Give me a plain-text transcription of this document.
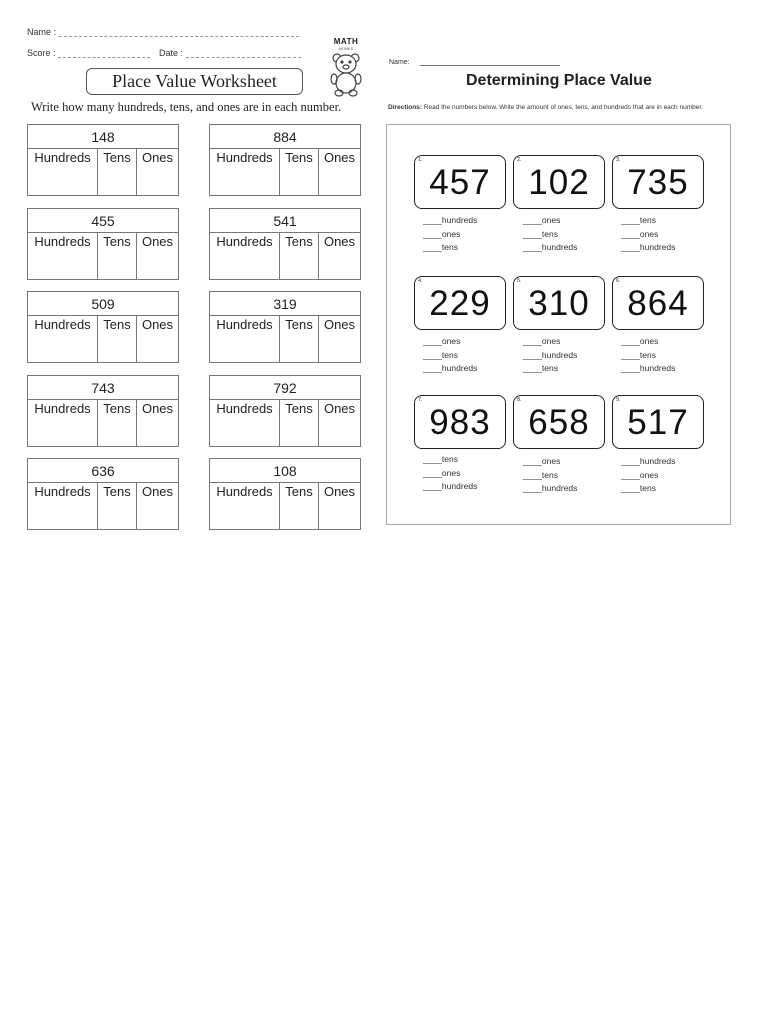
Name :
Score :	Date :
MATH
MONKS
Place Value Worksheet
Write how many hundreds, tens, and ones are in each number.
148
Hundreds Tens Ones
884
Hundreds Tens Ones
455
Hundreds Tens Ones
541
Hundreds Tens Ones
509
Hundreds Tens Ones
319
Hundreds Tens Ones
743
Hundreds Tens Ones
792
Hundreds Tens Ones
636
Hundreds Tens Ones
108
Hundreds Tens Ones
Name:
Determining Place Value
Directions: Read the numbers below. Write the amount of ones, tens, and hundreds that are in each number.
1.
457
____ hundreds
____ ones
____ tens
2.
102
____ ones
____ tens
____ hundreds
3.
735
____ tens
____ ones
____ hundreds
4.
229
____ ones
____ tens
____ hundreds
5.
310
____ ones
____ hundreds
____ tens
6.
864
____ ones
____ tens
____ hundreds
7.
983
____ tens
____ ones
____ hundreds
8.
658
____ ones
____ tens
____ hundreds
9.
517
____ hundreds
____ ones
____ tens
